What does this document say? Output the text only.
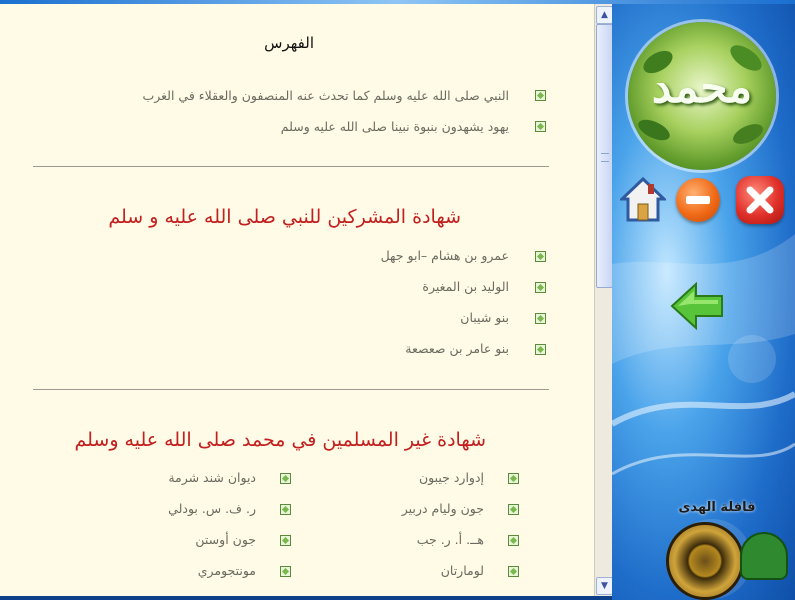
الفهرس
النبي صلى الله عليه وسلم كما تحدث عنه المنصفون والعقلاء في الغرب
يهود يشهدون بنبوة نبينا صلى الله عليه وسلم
شهادة المشركين للنبي صلى الله عليه و سلم
عمرو بن هشام –ابو جهل
الوليد بن المغيرة
بنو شيبان
بنو عامر بن صعصعة
شهادة غير المسلمين في محمد صلى الله عليه وسلم
إدوارد جيبون
جون وليام دربير
هــ. أ. ر. جب
لومارتان
ديوان شند شرمة
ر. ف. س. بودلي
جون أوستن
مونتجومري
▲
▼
محمد
قافلة الهدى
